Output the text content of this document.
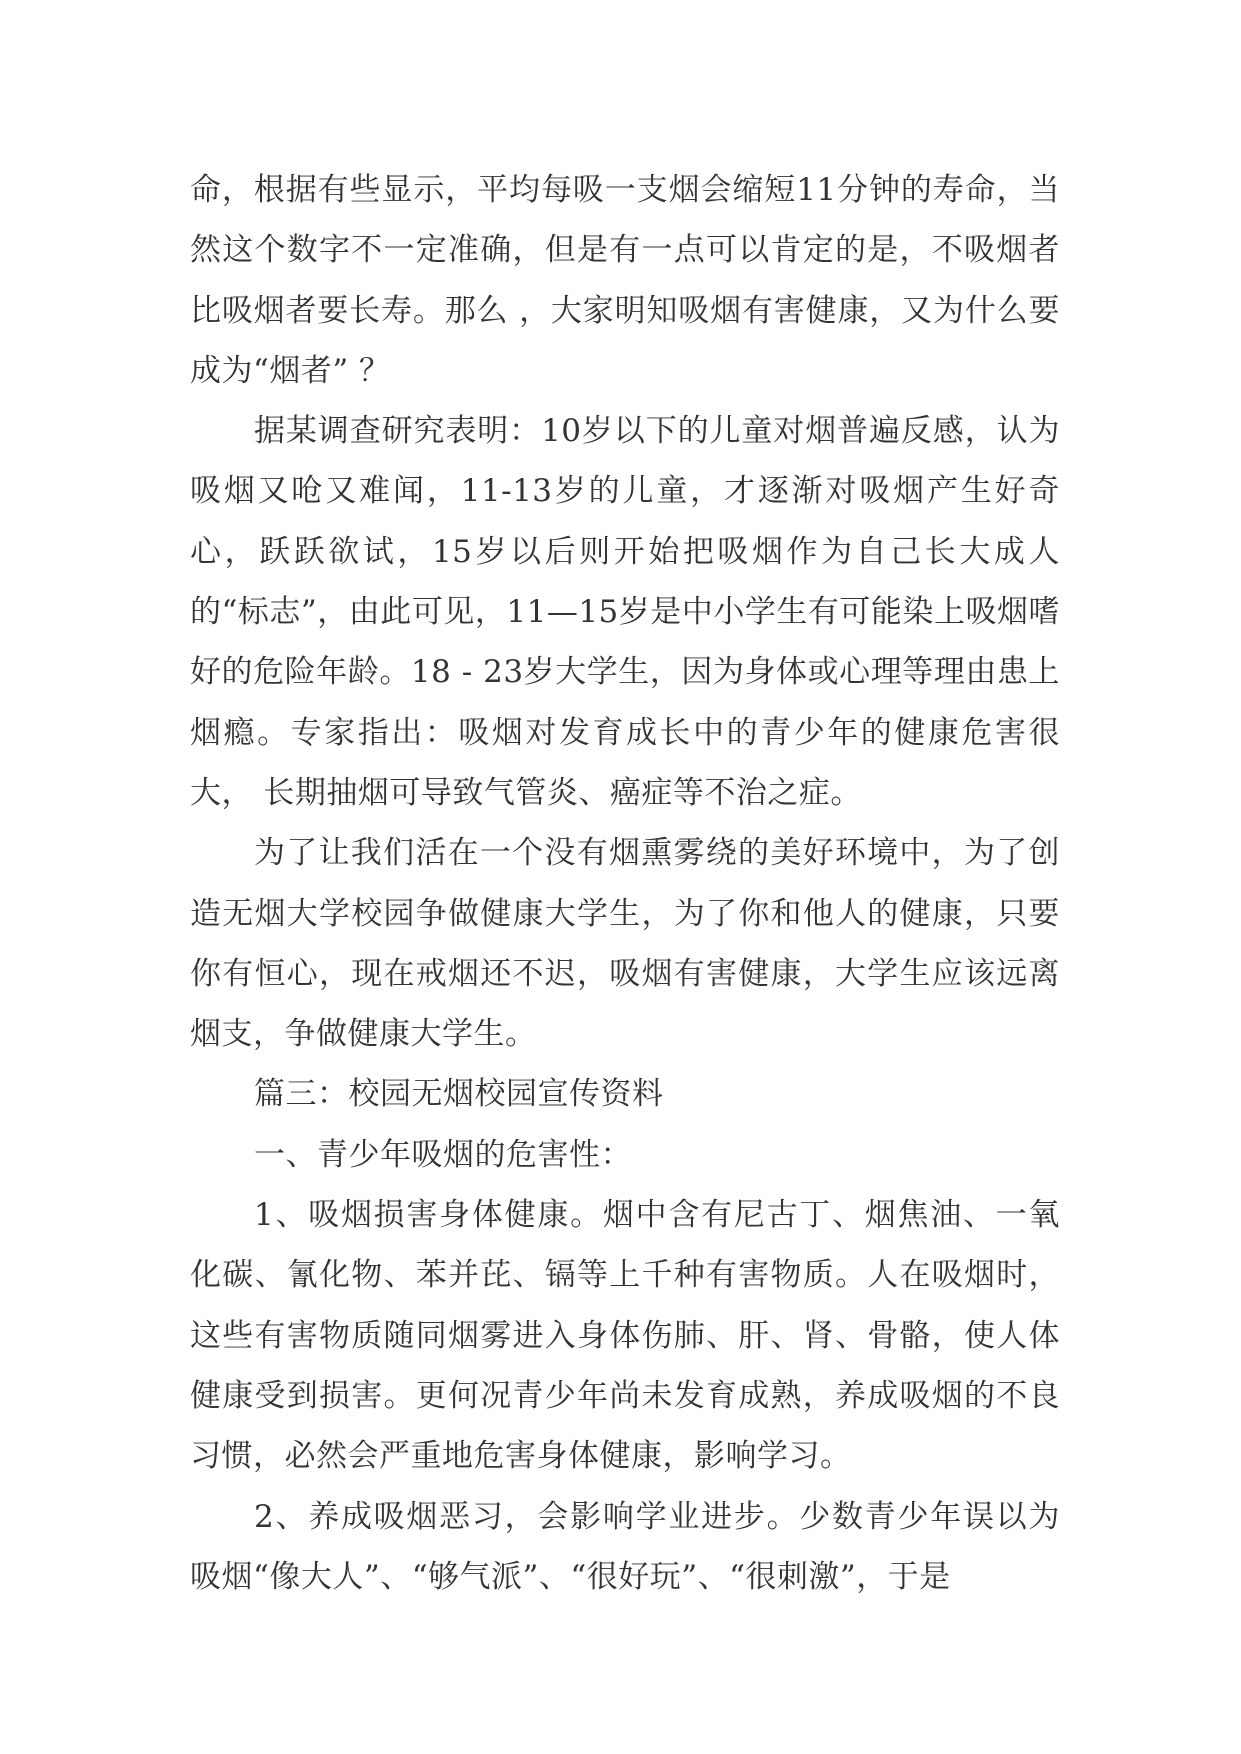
命，根据有些显示，平均每吸一支烟会缩短11分钟的寿命，当然这个数字不一定准确，但是有一点可以肯定的是，不吸烟者比吸烟者要长寿。那么 ，大家明知吸烟有害健康，又为什么要成为“烟者” ？

据某调查研究表明：10岁以下的儿童对烟普遍反感，认为吸烟又呛又难闻，11-13岁的儿童，才逐渐对吸烟产生好奇心，跃跃欲试，15岁以后则开始把吸烟作为自己长大成人的“标志”，由此可见，11—15岁是中小学生有可能染上吸烟嗜好的危险年龄。18 - 23岁大学生，因为身体或心理等理由患上烟瘾。专家指出：吸烟对发育成长中的青少年的健康危害很大， 长期抽烟可导致气管炎、癌症等不治之症。

为了让我们活在一个没有烟熏雾绕的美好环境中，为了创造无烟大学校园争做健康大学生，为了你和他人的健康，只要你有恒心，现在戒烟还不迟，吸烟有害健康，大学生应该远离烟支，争做健康大学生。

篇三：校园无烟校园宣传资料

一、青少年吸烟的危害性：

1、吸烟损害身体健康。烟中含有尼古丁、烟焦油、一氧化碳、氰化物、苯并芘、镉等上千种有害物质。人在吸烟时，这些有害物质随同烟雾进入身体伤肺、肝、肾、骨骼，使人体健康受到损害。更何况青少年尚未发育成熟，养成吸烟的不良习惯，必然会严重地危害身体健康，影响学习。

2、养成吸烟恶习，会影响学业进步。少数青少年误以为吸烟“像大人”、“够气派”、“很好玩”、“很刺激”，于是
